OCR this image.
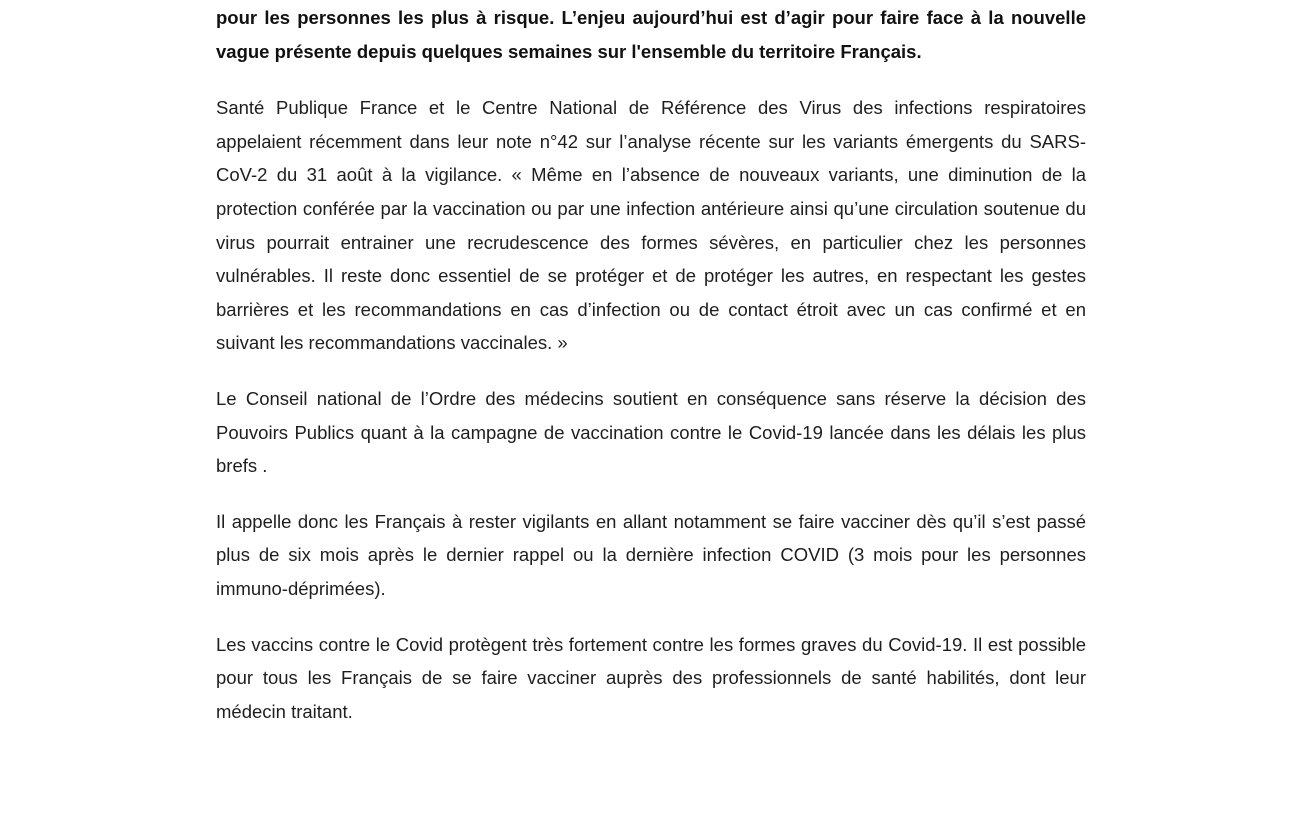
pour les personnes les plus à risque. L’enjeu aujourd’hui est d’agir pour faire face à la nouvelle vague présente depuis quelques semaines sur l'ensemble du territoire Français.

Santé Publique France et le Centre National de Référence des Virus des infections respiratoires appelaient récemment dans leur note n°42 sur l’analyse récente sur les variants émergents du SARS-CoV-2 du 31 août à la vigilance. « Même en l’absence de nouveaux variants, une diminution de la protection conférée par la vaccination ou par une infection antérieure ainsi qu’une circulation soutenue du virus pourrait entrainer une recrudescence des formes sévères, en particulier chez les personnes vulnérables. Il reste donc essentiel de se protéger et de protéger les autres, en respectant les gestes barrières et les recommandations en cas d’infection ou de contact étroit avec un cas confirmé et en suivant les recommandations vaccinales. »

Le Conseil national de l’Ordre des médecins soutient en conséquence sans réserve la décision des Pouvoirs Publics quant à la campagne de vaccination contre le Covid-19 lancée dans les délais les plus brefs .

Il appelle donc les Français à rester vigilants en allant notamment se faire vacciner dès qu’il s’est passé plus de six mois après le dernier rappel ou la dernière infection COVID (3 mois pour les personnes immuno-déprimées).

Les vaccins contre le Covid protègent très fortement contre les formes graves du Covid-19. Il est possible pour tous les Français de se faire vacciner auprès des professionnels de santé habilités, dont leur médecin traitant.
